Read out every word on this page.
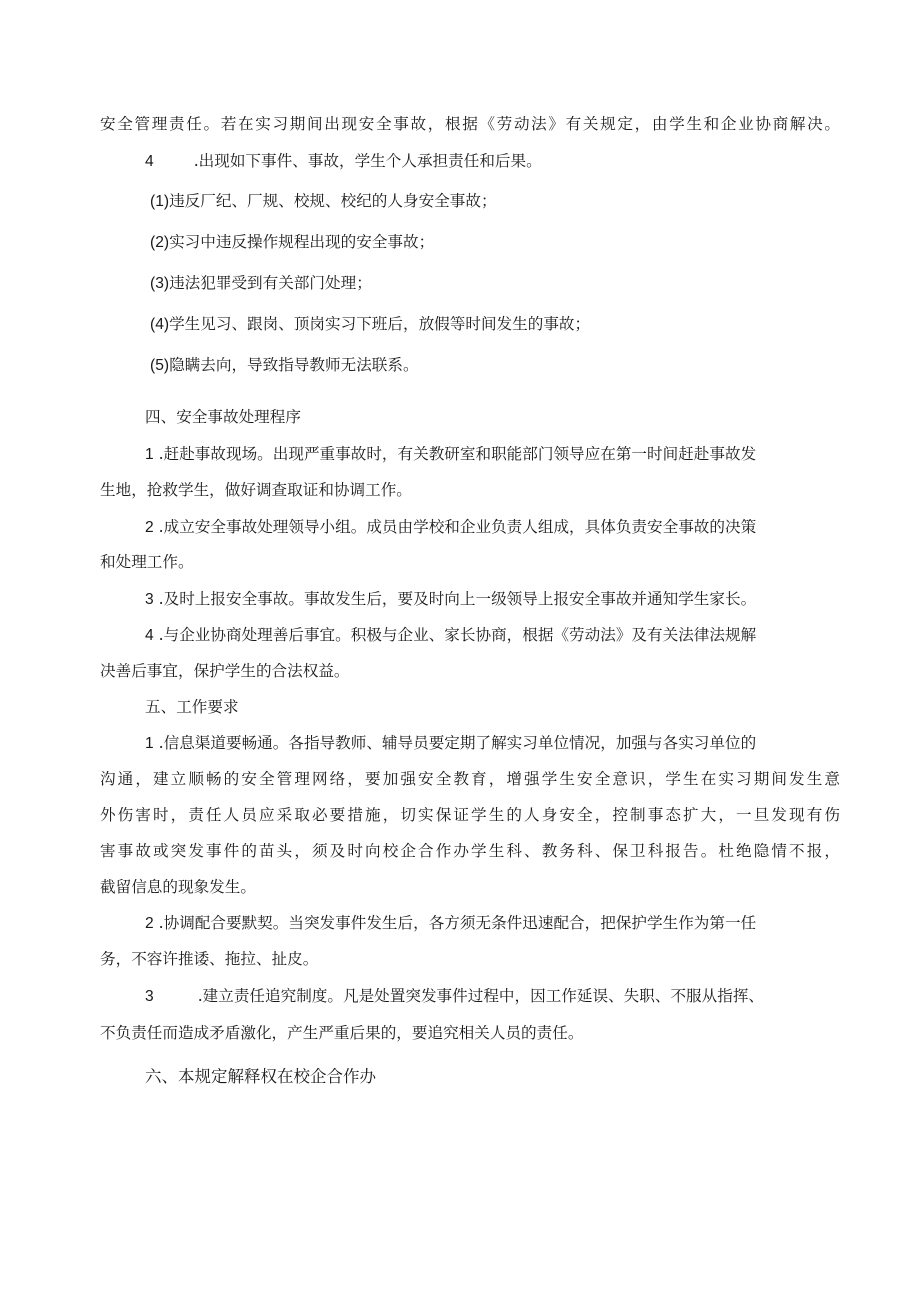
安全管理责任。若在实习期间出现安全事故，根据《劳动法》有关规定，由学生和企业协商解决。
4	.出现如下事件、事故，学生个人承担责任和后果。
(1)违反厂纪、厂规、校规、校纪的人身安全事故；
(2)实习中违反操作规程出现的安全事故；
(3)违法犯罪受到有关部门处理；
(4)学生见习、跟岗、顶岗实习下班后，放假等时间发生的事故；
(5)隐瞒去向，导致指导教师无法联系。
四、安全事故处理程序
1 .赶赴事故现场。出现严重事故时，有关教研室和职能部门领导应在第一时间赶赴事故发
生地，抢救学生，做好调查取证和协调工作。
2 .成立安全事故处理领导小组。成员由学校和企业负责人组成，具体负责安全事故的决策
和处理工作。
3 .及时上报安全事故。事故发生后，要及时向上一级领导上报安全事故并通知学生家长。
4 .与企业协商处理善后事宜。积极与企业、家长协商，根据《劳动法》及有关法律法规解
决善后事宜，保护学生的合法权益。
五、工作要求
1 .信息渠道要畅通。各指导教师、辅导员要定期了解实习单位情况，加强与各实习单位的
沟通，建立顺畅的安全管理网络，要加强安全教育，增强学生安全意识，学生在实习期间发生意
外伤害时，责任人员应采取必要措施，切实保证学生的人身安全，控制事态扩大，一旦发现有伤
害事故或突发事件的苗头，须及时向校企合作办学生科、教务科、保卫科报告。杜绝隐情不报，
截留信息的现象发生。
2 .协调配合要默契。当突发事件发生后，各方须无条件迅速配合，把保护学生作为第一任
务，不容许推诿、拖拉、扯皮。
3	.建立责任追究制度。凡是处置突发事件过程中，因工作延误、失职、不服从指挥、
不负责任而造成矛盾激化，产生严重后果的，要追究相关人员的责任。
六、本规定解释权在校企合作办
